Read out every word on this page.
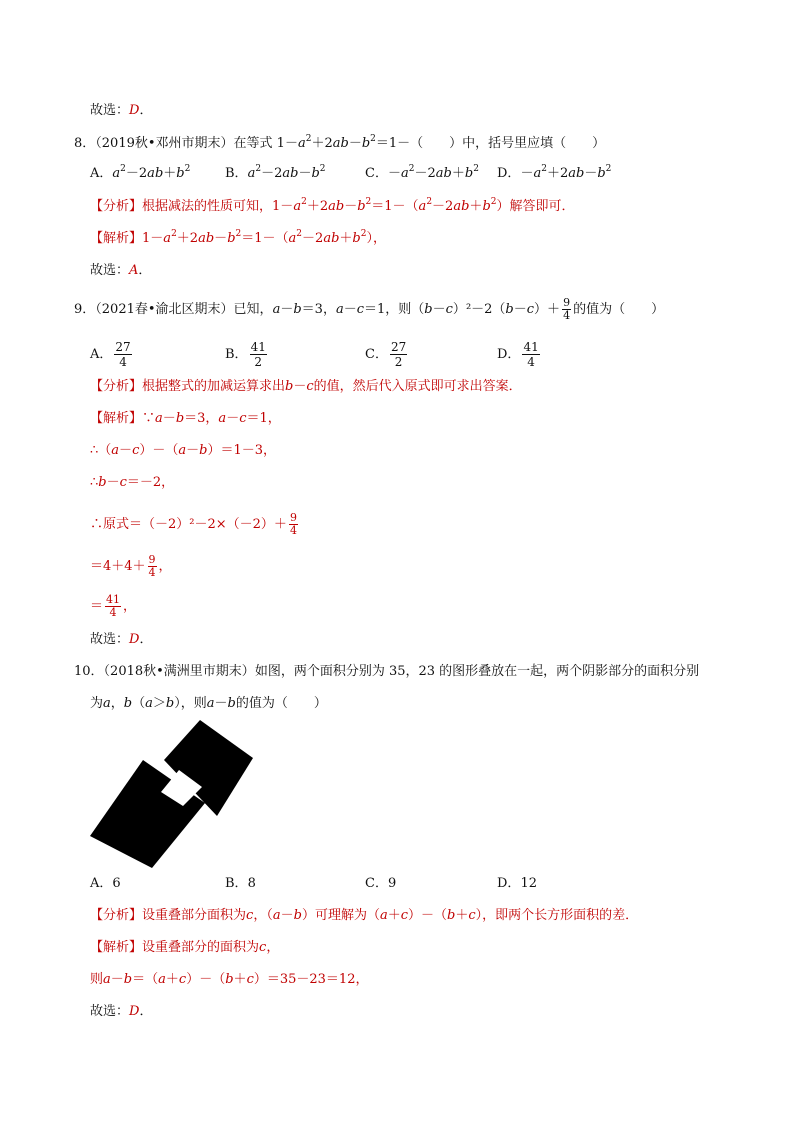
故选：D．
8．（2019秋•邓州市期末）在等式 $1-a^2+2ab-b^2=1-$（　　）中，括号里应填（　　）
A．$a^2-2ab+b^2$	B．$a^2-2ab-b^2$	C．$-a^2-2ab+b^2$ D．$-a^2+2ab-b^2$
【分析】根据减法的性质可知，$1-a^2+2ab-b^2=1-(a^2-2ab+b^2)$解答即可．
【解析】$1-a^2+2ab-b^2=1-(a^2-2ab+b^2)$，
故选：A．
9．（2021春•渝北区期末）已知，a－b＝3，a－c＝1，则$(b-c)^2-2(b-c)+ \frac{9}{4}$ 的值为（　　）
A． $\frac{27}{4}$	B． $\frac{41}{2}$	C． $\frac{27}{2}$	D． $\frac{41}{4}$
【分析】根据整式的加减运算求出b－c的值，然后代入原式即可求出答案．
【解析】∵a－b＝3，a－c＝1，
∴（a－c）－（a－b）＝1－3，
∴b－c＝－2，
∴原式$=(-2)^2-2\times(-2)+ \frac{9}{4}$
$=4+4+ \frac{9}{4}$ ，
＝ $\frac{41}{4}$ ，
故选：D．
10．（2018秋•满洲里市期末）如图，两个面积分别为 35，23 的图形叠放在一起，两个阴影部分的面积分别
为a，b（a＞b），则a－b的值为（　　）
A．6	B．8	C．9	D．12
【分析】设重叠部分面积为c，（a－b）可理解为（a＋c）－（b＋c），即两个长方形面积的差．
【解析】设重叠部分的面积为c，
则a－b＝（a＋c）－（b＋c）＝35－23＝12，
故选：D．
